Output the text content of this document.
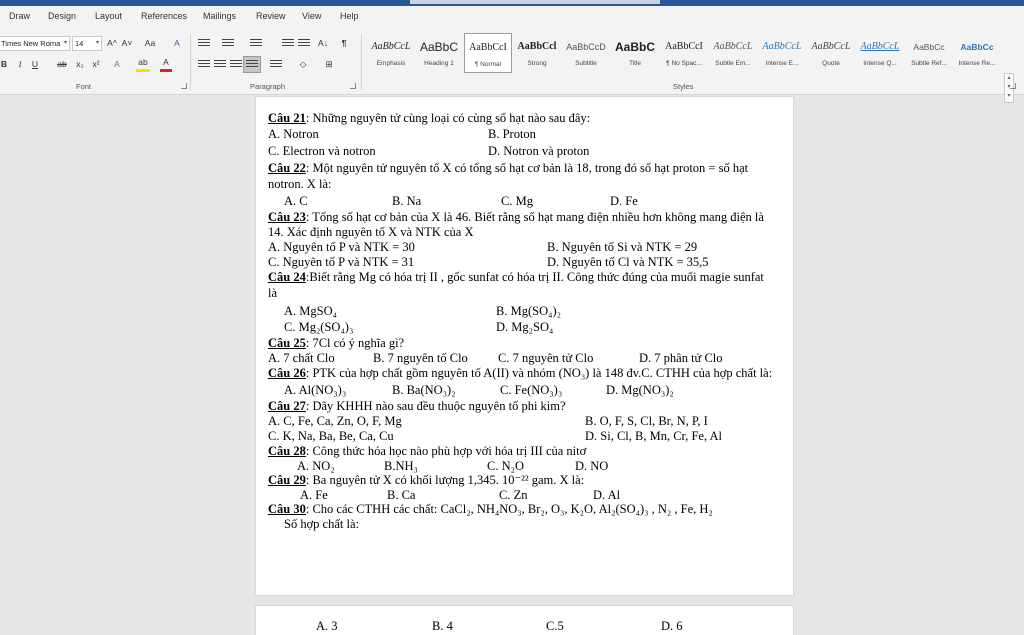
Draw Design Layout References Mailings Review View Help
Times New Roma ▾	14 ▾ A^ A˅	Aa	A
B	I	U ab x₂ x²	A	ab	A
Font
A↓	¶
◇	⊞
Paragraph
AaBbCcL
Emphasis
AaBbC
Heading 1
AaBbCcI
¶ Normal
AaBbCcl
Strong
AaBbCcD
Subtitle
AaBbC
Title
AaBbCcI
¶ No Spac...
AaBbCcL
Subtle Em...
AaBbCcL
Intense E...
AaBbCcL
Quote
AaBbCcL
Intense Q...
AaBbCc
Subtle Ref...
AaBbCc
Intense Re...
▴
▾
▾
Styles
Câu 21: Những nguyên tử cùng loại có cùng số hạt nào sau đây:
A. Notron	B. Proton
C. Electron và notron	D. Notron và proton
Câu 22: Một nguyên tử nguyên tố X có tổng số hạt cơ bản là 18, trong đó số hạt proton = số hạt
notron. X là:
A. C	B. Na	C. Mg	D. Fe
Câu 23: Tổng số hạt cơ bản của X là 46. Biết rằng số hạt mang điện nhiều hơn không mang điện là
14. Xác định nguyên tố X và NTK của X
A. Nguyên tố P và NTK = 30	B. Nguyên tố Si và NTK = 29
C. Nguyên tố P và NTK = 31	D. Nguyên tố Cl và NTK = 35,5
Câu 24:Biết rằng Mg có hóa trị II , gốc sunfat có hóa trị II. Công thức đúng của muối magie sunfat
là
A. MgSO₄	B. Mg(SO₄)₂
C. Mg₂(SO₄)₃	D. Mg₂SO₄
Câu 25: 7Cl có ý nghĩa gì?
A. 7 chất Clo	B. 7 nguyên tố Clo C. 7 nguyên tử Clo	D. 7 phân tử Clo
Câu 26: PTK của hợp chất gồm nguyên tố A(II) và nhóm (NO₃) là 148 đv.C. CTHH của hợp chất là:
A. Al(NO₃)₃	B. Ba(NO₃)₂	C. Fe(NO₃)₃	D. Mg(NO₃)₂
Câu 27: Dãy KHHH nào sau đều thuộc nguyên tố phi kim?
A. C, Fe, Ca, Zn, O, F, Mg	B. O, F, S, Cl, Br, N, P, I
C. K, Na, Ba, Be, Ca, Cu	D. Si, Cl, B, Mn, Cr, Fe, Al
Câu 28: Công thức hóa học nào phù hợp với hóa trị III của nitơ
A. NO₂	B.NH₃	C. N₂O	D. NO
Câu 29: Ba nguyên tử X có khối lượng 1,345. 10⁻²² gam. X là:
A. Fe	B. Ca	C. Zn	D. Al
Câu 30: Cho các CTHH các chất: CaCl₂, NH₄NO₃, Br₂, O₃, K₂O, Al₂(SO₄)₃ , N₂ , Fe, H₂
Số hợp chất là:
A. 3	B. 4	C.5	D. 6
